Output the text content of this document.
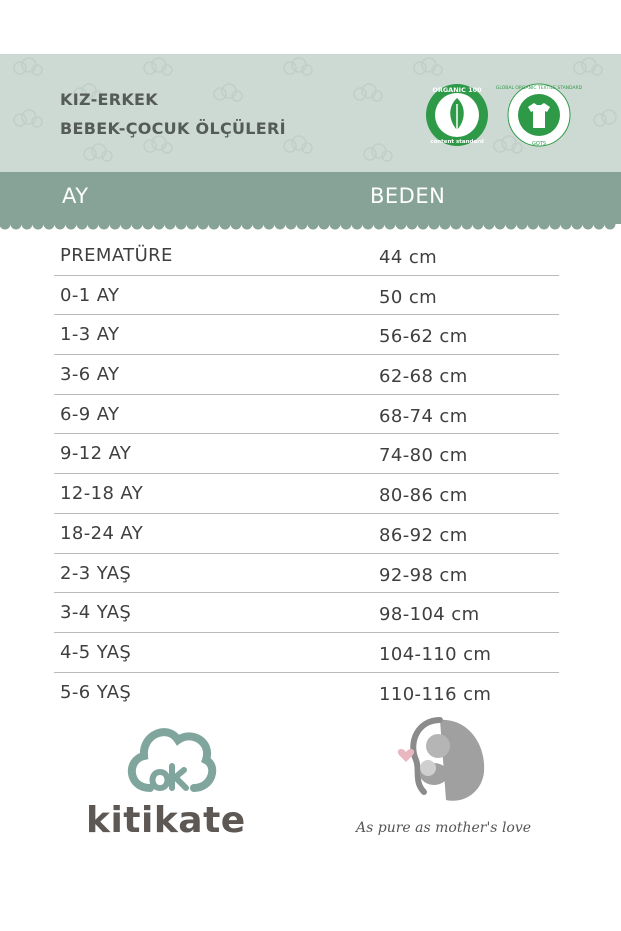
KIZ-ERKEK
BEBEK-ÇOCUK ÖLÇÜLERİ
ORGANIC 100
content standard
GLOBAL ORGANIC TEXTILE STANDARD
GOTS
AY	BEDEN
PREMATÜRE	44 cm
0-1 AY	50 cm
1-3 AY	56-62 cm
3-6 AY	62-68 cm
6-9 AY	68-74 cm
9-12 AY	74-80 cm
12-18 AY	80-86 cm
18-24 AY	86-92 cm
2-3 YAŞ	92-98 cm
3-4 YAŞ	98-104 cm
4-5 YAŞ	104-110 cm
5-6 YAŞ	110-116 cm
kitikate	As pure as mother's love
